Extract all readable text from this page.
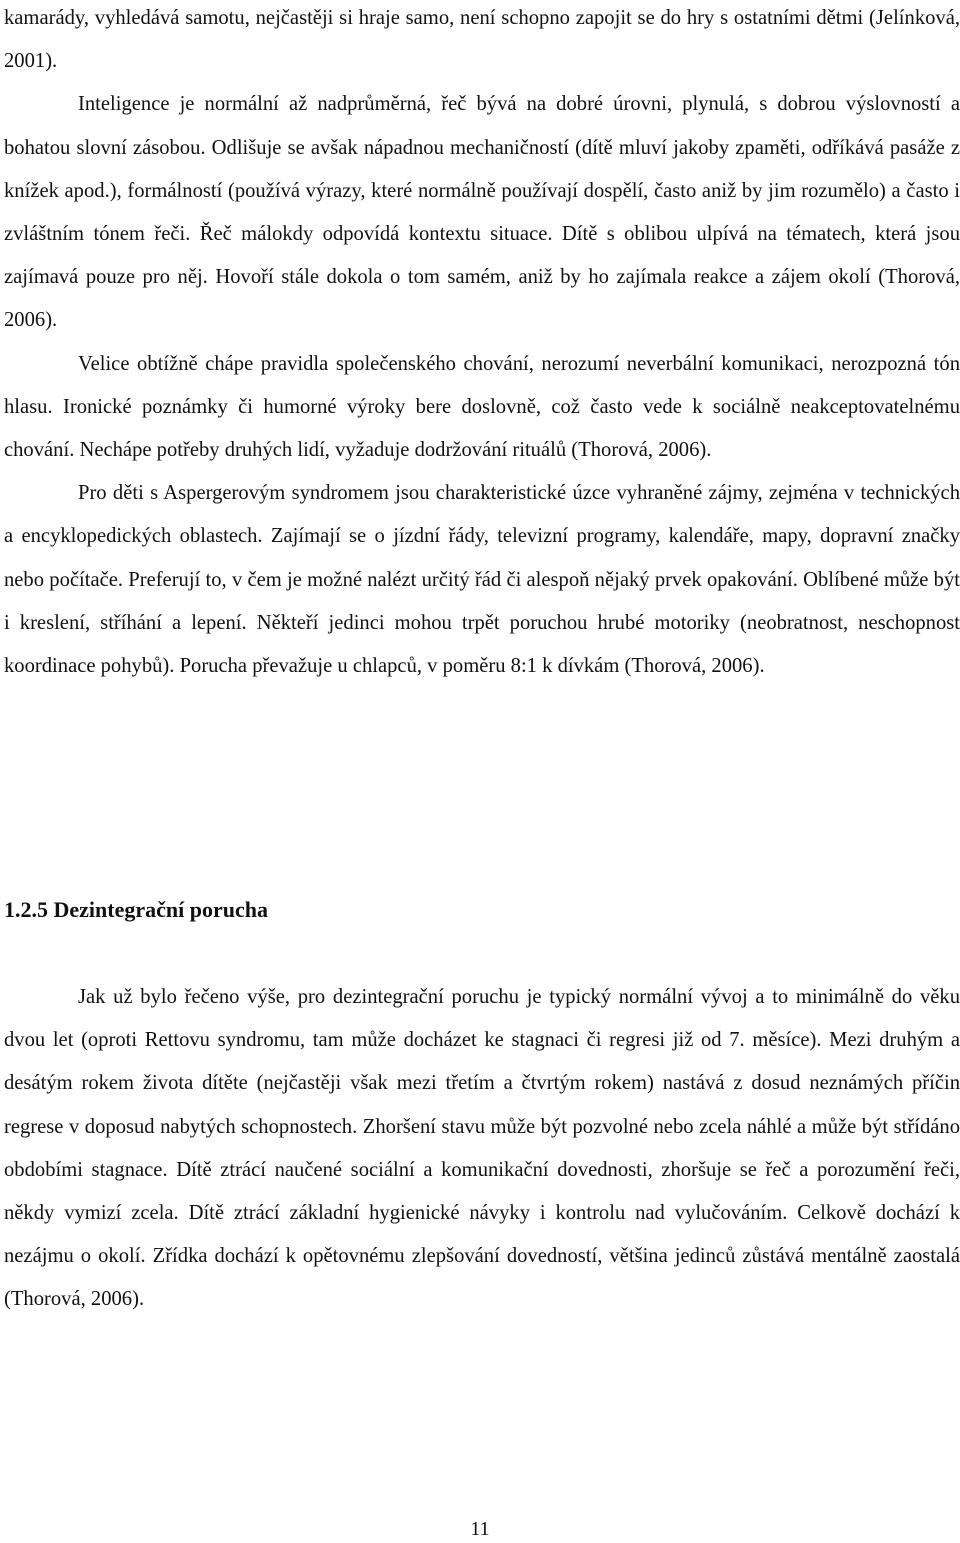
kamarády, vyhledává samotu, nejčastěji si hraje samo, není schopno zapojit se do hry s ostatními dětmi (Jelínková, 2001).

Inteligence je normální až nadprůměrná, řeč bývá na dobré úrovni, plynulá, s dobrou výslovností a bohatou slovní zásobou. Odlišuje se avšak nápadnou mechaničností (dítě mluví jakoby zpaměti, odříkává pasáže z knížek apod.), formálností (používá výrazy, které normálně používají dospělí, často aniž by jim rozumělo) a často i zvláštním tónem řeči. Řeč málokdy odpovídá kontextu situace. Dítě s oblibou ulpívá na tématech, která jsou zajímavá pouze pro něj. Hovoří stále dokola o tom samém, aniž by ho zajímala reakce a zájem okolí (Thorová, 2006).

Velice obtížně chápe pravidla společenského chování, nerozumí neverbální komunikaci, nerozpozná tón hlasu. Ironické poznámky či humorné výroky bere doslovně, což často vede k sociálně neakceptovatelnému chování. Nechápe potřeby druhých lidí, vyžaduje dodržování rituálů (Thorová, 2006).

Pro děti s Aspergerovým syndromem jsou charakteristické úzce vyhraněné zájmy, zejména v technických a encyklopedických oblastech. Zajímají se o jízdní řády, televizní programy, kalendáře, mapy, dopravní značky nebo počítače. Preferují to, v čem je možné nalézt určitý řád či alespoň nějaký prvek opakování. Oblíbené může být i kreslení, stříhání a lepení. Někteří jedinci mohou trpět poruchou hrubé motoriky (neobratnost, neschopnost koordinace pohybů). Porucha převažuje u chlapců, v poměru 8:1 k dívkám (Thorová, 2006).

1.2.5 Dezintegrační porucha

Jak už bylo řečeno výše, pro dezintegrační poruchu je typický normální vývoj a to minimálně do věku dvou let (oproti Rettovu syndromu, tam může docházet ke stagnaci či regresi již od 7. měsíce). Mezi druhým a desátým rokem života dítěte (nejčastěji však mezi třetím a čtvrtým rokem) nastává z dosud neznámých příčin regrese v doposud nabytých schopnostech. Zhoršení stavu může být pozvolné nebo zcela náhlé a může být střídáno obdobími stagnace. Dítě ztrácí naučené sociální a komunikační dovednosti, zhoršuje se řeč a porozumění řeči, někdy vymizí zcela. Dítě ztrácí základní hygienické návyky i kontrolu nad vylučováním. Celkově dochází k nezájmu o okolí. Zřídka dochází k opětovnému zlepšování dovedností, většina jedinců zůstává mentálně zaostalá (Thorová, 2006).

11
